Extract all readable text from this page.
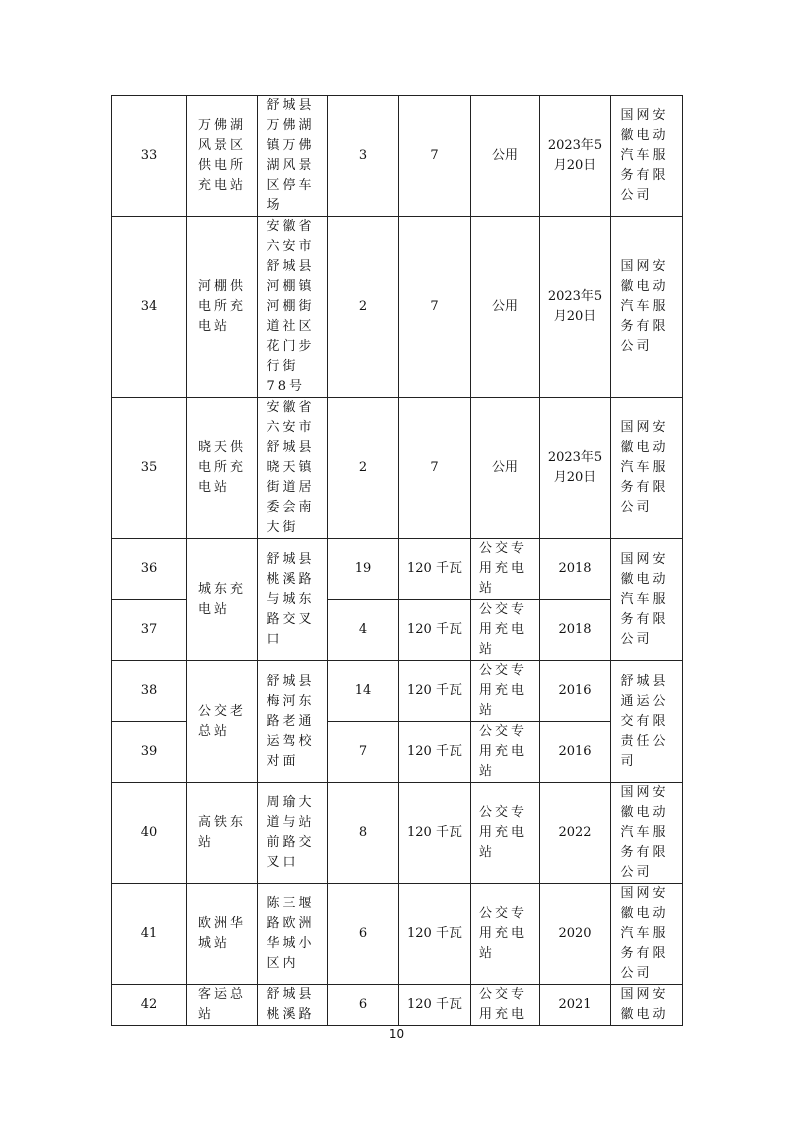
33	万佛湖风景区供电所充电站	舒城县万佛湖镇万佛湖风景区停车场	3	7	公用	2023年5月20日	国网安徽电动汽车服务有限公司
34	河棚供电所充电站	安徽省六安市舒城县河棚镇河棚街道社区花门步行街78号	2	7	公用	2023年5月20日	国网安徽电动汽车服务有限公司
35	晓天供电所充电站	安徽省六安市舒城县晓天镇街道居委会南大街	2	7	公用	2023年5月20日	国网安徽电动汽车服务有限公司
36	城东充电站	舒城县桃溪路与城东路交叉口	19	120 千瓦	公交专用充电站	2018	国网安徽电动汽车服务有限公司
37			4	120 千瓦	公交专用充电站	2018	
38	公交老总站	舒城县梅河东路老通运驾校对面	14	120 千瓦	公交专用充电站	2016	舒城县通运公交有限责任公司
39			7	120 千瓦	公交专用充电站	2016	
40	高铁东站	周瑜大道与站前路交叉口	8	120 千瓦	公交专用充电站	2022	国网安徽电动汽车服务有限公司
41	欧洲华城站	陈三堰路欧洲华城小区内	6	120 千瓦	公交专用充电站	2020	国网安徽电动汽车服务有限公司
42	客运总站	舒城县桃溪路	6	120 千瓦	公交专用充电	2021	国网安徽电动
10
